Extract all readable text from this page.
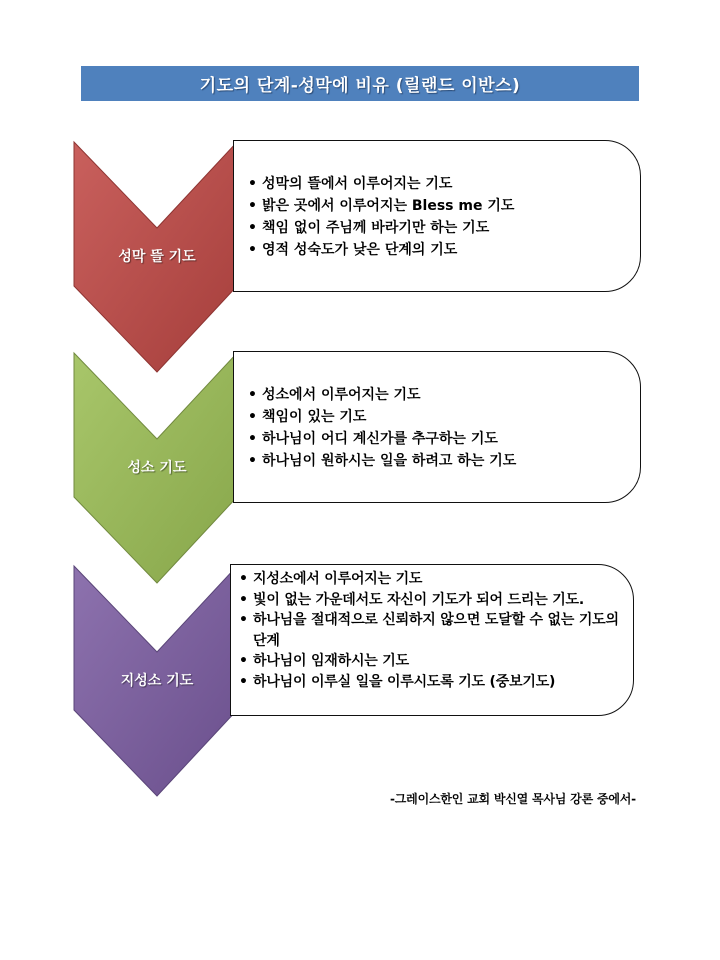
기도의 단계-성막에 비유 (릴랜드 이반스)
성막 뜰 기도
성소 기도
지성소 기도
• 성막의 뜰에서 이루어지는 기도
• 밝은 곳에서 이루어지는 Bless me 기도
• 책임 없이 주님께 바라기만 하는 기도
• 영적 성숙도가 낮은 단계의 기도
• 성소에서 이루어지는 기도
• 책임이 있는 기도
• 하나님이 어디 계신가를 추구하는 기도
• 하나님이 원하시는 일을 하려고 하는 기도
• 지성소에서 이루어지는 기도
• 빛이 없는 가운데서도 자신이 기도가 되어 드리는 기도.
• 하나님을 절대적으로 신뢰하지 않으면 도달할 수 없는 기도의 단계
• 하나님이 임재하시는 기도
• 하나님이 이루실 일을 이루시도록 기도 (중보기도)
-그레이스한인 교회 박신열 목사님 강론 중에서-
